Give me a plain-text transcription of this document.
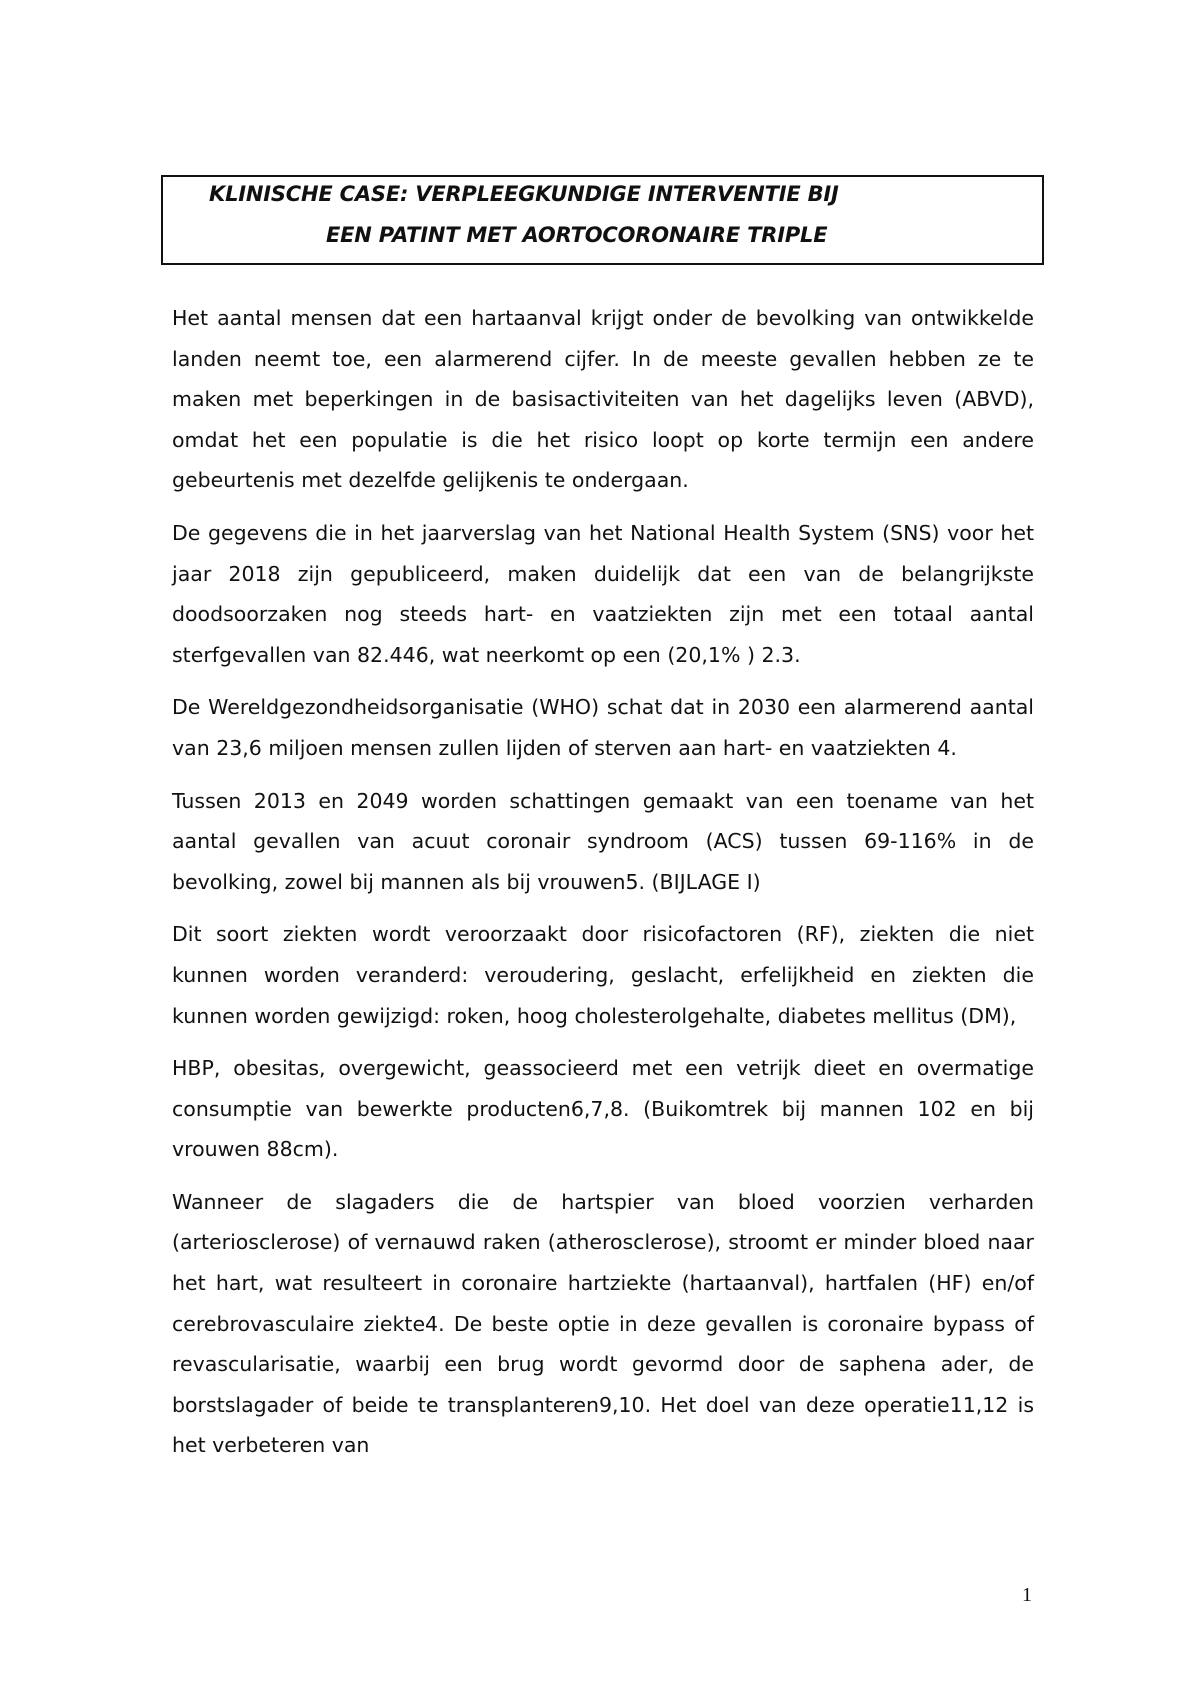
KLINISCHE CASE: VERPLEEGKUNDIGE INTERVENTIE BIJ
EEN PATINT MET AORTOCORONAIRE TRIPLE

Het aantal mensen dat een hartaanval krijgt onder de bevolking van ontwikkelde landen neemt toe, een alarmerend cijfer. In de meeste gevallen hebben ze te maken met beperkingen in de basisactiviteiten van het dagelijks leven (ABVD), omdat het een populatie is die het risico loopt op korte termijn een andere gebeurtenis met dezelfde gelijkenis te ondergaan.

De gegevens die in het jaarverslag van het National Health System (SNS) voor het jaar 2018 zijn gepubliceerd, maken duidelijk dat een van de belangrijkste doodsoorzaken nog steeds hart- en vaatziekten zijn met een totaal aantal sterfgevallen van 82.446, wat neerkomt op een (20,1% ) 2.3.

De Wereldgezondheidsorganisatie (WHO) schat dat in 2030 een alarmerend aantal van 23,6 miljoen mensen zullen lijden of sterven aan hart- en vaatziekten 4.

Tussen 2013 en 2049 worden schattingen gemaakt van een toename van het aantal gevallen van acuut coronair syndroom (ACS) tussen 69-116% in de bevolking, zowel bij mannen als bij vrouwen5. (BIJLAGE I)

Dit soort ziekten wordt veroorzaakt door risicofactoren (RF), ziekten die niet kunnen worden veranderd: veroudering, geslacht, erfelijkheid en ziekten die kunnen worden gewijzigd: roken, hoog cholesterolgehalte, diabetes mellitus (DM),

HBP, obesitas, overgewicht, geassocieerd met een vetrijk dieet en overmatige consumptie van bewerkte producten6,7,8. (Buikomtrek bij mannen 102 en bij vrouwen 88cm).

Wanneer de slagaders die de hartspier van bloed voorzien verharden (arteriosclerose) of vernauwd raken (atherosclerose), stroomt er minder bloed naar het hart, wat resulteert in coronaire hartziekte (hartaanval), hartfalen (HF) en/of cerebrovasculaire ziekte4. De beste optie in deze gevallen is coronaire bypass of revascularisatie, waarbij een brug wordt gevormd door de saphena ader, de borstslagader of beide te transplanteren9,10. Het doel van deze operatie11,12 is het verbeteren van

1
